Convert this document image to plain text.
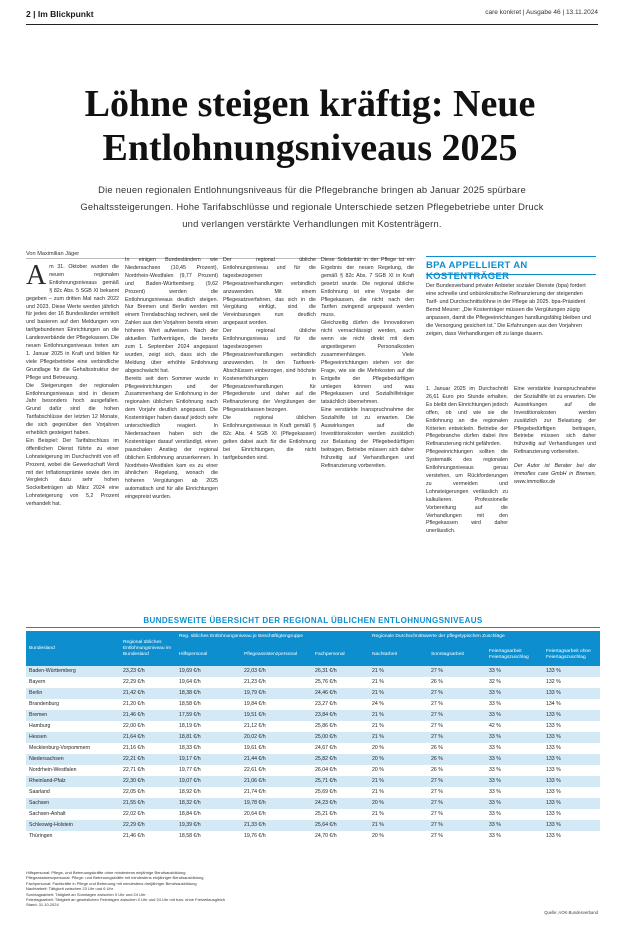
2 | Im Blickpunkt	care konkret | Ausgabe 46 | 13.11.2024
Löhne steigen kräftig: Neue
Entlohnungsniveaus 2025

Die neuen regionalen Entlohnungsniveaus für die Pflegebranche bringen ab Januar 2025 spürbare Gehaltssteigerungen. Hohe Tarifabschlüsse und regionale Unterschiede setzen Pflegebetriebe unter Druck und verlangen verstärkte Verhandlungen mit Kostenträgern.

Von Maximilian Jäger

Am 31. Oktober wurden die neuen regionalen Entlohnungsniveaus gemäß § 82c Abs. 5 SGB XI bekannt gegeben – zum dritten Mal nach 2022 und 2023. Diese Werte werden jährlich für jedes der 16 Bundesländer ermittelt und basieren auf den Meldungen von tarifgebundenen Einrichtungen an die Landesverbände der Pflegekassen. Die neuen Entlohnungsniveaus treten am 1. Januar 2025 in Kraft und bilden für viele Pflegebetriebe eine verbindliche Grundlage für die Gehaltsstruktur der Pflege und Betreuung.

Die Steigerungen der regionalen Entlohnungsniveaus sind in diesem Jahr besonders hoch ausgefallen. Grund dafür sind die hohen Tarifabschlüsse der letzten 12 Monate, die sich gegenüber den Vorjahren erheblich gesteigert haben.

Ein Beispiel: Der Tarifabschluss im öffentlichen Dienst führte zu einer Lohnsteigerung im Durchschnitt von elf Prozent, wobei die Gewerkschaft Verdi mit der Inflationsprämie sowie den im Vergleich dazu sehr hohen Sockelbeträgen ab März 2024 eine Lohnsteigerung von 5,2 Prozent verhandelt hat.

In einigen Bundesländern wie Niedersachsen (10,45 Prozent), Nordrhein-Westfalen (9,77 Prozent) und Baden-Württemberg (9,62 Prozent) werden die Entlohnungsniveaus deutlich steigen. Nur Bremen und Berlin werden mit einem Trendabschlag rechnen, weil die Zahlen aus den Vorjahren bereits einen höheren Wert aufweisen. Nach der aktuellen Tarifverträgen, die bereits zum 1. September 2024 angepasst wurden, zeigt sich, dass sich die Meldung über erhöhte Entlohnung abgeschwächt hat.

Bereits seit dem Sommer wurde in Pflegeeinrichtungen und der Zusammenhang der Entlohnung in der regionalen üblichen Entlohnung nach dem Vorjahr deutlich angepasst. Die Kostenträger haben darauf jedoch sehr unterschiedlich reagiert. In Niedersachsen haben sich die Kostenträger darauf verständigt, einen pauschalen Anstieg der regional üblichen Entlohnung anzuerkennen. In Nordrhein-Westfalen kam es zu einer ähnlichen Regelung, wonach die höheren Vergütungen ab 2025 automatisch und für alle Einrichtungen eingepreist wurden.

Der regional übliche Entlohnungsniveau und für die tagesbezogenen Pflegesatzverhandlungen verbindlich anzuwenden. Mit einem Pflegesatzverfahren, das sich in die Vergütung einfügt, sind die Vereinbarungen nun deutlich angepasst worden.

Der regional übliche Entlohnungsniveau und für die tagesbezogenen Pflegesatzverhandlungen verbindlich anzuwenden. In den Tarifwerk-Abschlüssen einbezogen, sind höchste Kostenerhöhungen in Pflegesatzverhandlungen für Pflegedienste und daher auf die Refinanzierung der Vergütungen der Pflegesatzkassen bezogen.

Die regional üblichen Entlohnungsniveaus in Kraft gemäß § 82c Abs. 4 SGB XI (Pflegekassen) gelten dabei auch für die Entlohnung bei Einrichtungen, die nicht tarifgebunden sind.

Diese Solidarität in der Pflege ist ein Ergebnis der neuen Regelung, die gemäß § 82c Abs. 7 SGB XI in Kraft gesetzt wurde. Die regional übliche Entlohnung ist eine Vorgabe der Pflegekassen, die nicht nach den Tarifen zwingend angepasst werden muss.

Gleichzeitig dürfen die Innovationen nicht vernachlässigt werden, auch wenn sie nicht direkt mit dem angestiegenen Personalkosten zusammenhängen. Viele Pflegeeinrichtungen stehen vor der Frage, wie sie die Mehrkosten auf die Entgelte der Pflegebedürftigen umlegen können und was Pflegekassen und Sozialhilfeträger tatsächlich übernehmen.

Eine verstärkte Inanspruchnahme der Sozialhilfe ist zu erwarten. Die Auswirkungen auf die Investitionskosten werden zusätzlich zur Belastung der Pflegebedürftigen beitragen, Betriebe müssen sich daher frühzeitig auf Verhandlungen und Refinanzierung vorbereiten.

BPA APPELLIERT AN KOSTENTRÄGER
Der Bundesverband privater Anbieter sozialer Dienste (bpa) fordert eine schnelle und unbürokratische Refinanzierung der steigenden Tarif- und Durchschnittslöhne in der Pflege ab 2025. bpa-Präsident Bernd Meurer: „Die Kostenträger müssen die Vergütungen zügig anpassen, damit die Pflegeeinrichtungen handlungsfähig bleiben und die Versorgung gesichert ist.“ Die Erfahrungen aus den Vorjahren zeigen, dass Verhandlungen oft zu lange dauern.

1. Januar 2025 im Durchschnitt 26,61 Euro pro Stunde erhalten. Es bleibt den Einrichtungen jedoch offen, ob und wie sie die Entlohnung an die regionalen Kriterien entwickeln. Betriebe der Pflegebranche dürfen dabei ihre Refinanzierung nicht gefährden.

Pflegeeinrichtungen sollten die Systematik des regionalen Entlohnungsniveaus genau verstehen, um Rückforderungen zu vermeiden und Lohnsteigerungen verlässlich zu kalkulieren. Professionelle Vorbereitung auf die Verhandlungen mit den Pflegekassen wird daher unerlässlich.

Eine verstärkte Inanspruchnahme der Sozialhilfe ist zu erwarten. Die Auswirkungen auf die Investitionskosten werden zusätzlich zur Belastung der Pflegebedürftigen beitragen, Betriebe müssen sich daher frühzeitig auf Verhandlungen und Refinanzierung vorbereiten.

Der Autor ist Berater bei der Immoflex care GmbH in Bremen, www.immoflex.de

BUNDESWEITE ÜBERSICHT DER REGIONAL ÜBLICHEN ENTLOHNUNGSNIVEAUS
Bundesland	Regional übliches Entlohnungsniveau im Bundesland	Reg. übliches Entlohnungsniveau je Beschäftigtengruppe			Regionale Durchschnittswerte der pflegetypischen Zuschläge			
		Hilfspersonal	Pflegeassistenzpersonal	Fachpersonal	Nachtarbeit	Sonntagsarbeit	Feiertagsarbeit Feiertagszuschlag	Feiertagsarbeit ohne Feiertagszuschlag
Baden-Württemberg	23,23 €/h	19,69 €/h	22,03 €/h	26,31 €/h	21 %	27 %	33 %	133 %
Bayern	22,29 €/h	19,64 €/h	21,23 €/h	25,76 €/h	21 %	26 %	32 %	132 %
Berlin	21,42 €/h	18,38 €/h	19,79 €/h	24,46 €/h	21 %	27 %	33 %	133 %
Brandenburg	21,20 €/h	18,58 €/h	19,84 €/h	23,27 €/h	24 %	27 %	33 %	134 %
Bremen	21,46 €/h	17,59 €/h	19,51 €/h	23,84 €/h	21 %	27 %	33 %	133 %
Hamburg	22,00 €/h	18,19 €/h	21,12 €/h	25,86 €/h	21 %	27 %	42 %	133 %
Hessen	21,64 €/h	18,81 €/h	20,02 €/h	25,00 €/h	21 %	27 %	33 %	133 %
Mecklenburg-Vorpommern	21,16 €/h	18,33 €/h	19,61 €/h	24,67 €/h	20 %	26 %	33 %	133 %
Niedersachsen	22,21 €/h	19,17 €/h	21,44 €/h	25,82 €/h	20 %	26 %	33 %	133 %
Nordrhein-Westfalen	22,71 €/h	19,77 €/h	22,61 €/h	26,04 €/h	20 %	26 %	33 %	133 %
Rheinland-Pfalz	22,30 €/h	19,07 €/h	21,06 €/h	25,71 €/h	21 %	27 %	33 %	133 %
Saarland	22,05 €/h	18,92 €/h	21,74 €/h	25,69 €/h	21 %	27 %	33 %	133 %
Sachsen	21,55 €/h	18,32 €/h	19,78 €/h	24,23 €/h	20 %	27 %	33 %	133 %
Sachsen-Anhalt	22,02 €/h	18,84 €/h	20,64 €/h	25,21 €/h	21 %	27 %	33 %	133 %
Schleswig-Holstein	22,29 €/h	19,39 €/h	21,33 €/h	25,64 €/h	21 %	27 %	33 %	133 %
Thüringen	21,46 €/h	18,58 €/h	19,76 €/h	24,70 €/h	20 %	27 %	33 %	133 %
Hilfspersonal: Pflege- und Betreuungskräfte ohne mindestens einjährige Berufsausbildung
Pflegeassistenzpersonal: Pflege- und Betreuungskräfte mit mindestens einjähriger Berufsausbildung
Fachpersonal: Fachkräfte in Pflege und Betreuung mit mindestens dreijähriger Berufsausbildung
Nachtarbeit: Tätigkeit zwischen 23 Uhr und 6 Uhr
Sonntagsarbeit: Tätigkeit an Sonntagen zwischen 0 Uhr und 24 Uhr
Feiertagsarbeit: Tätigkeit an gesetzlichen Feiertagen zwischen 0 Uhr und 24 Uhr mit bzw. ohne Freizeitausgleich
Stand: 31.10.2024
Quelle: AOK-Bundesverband
